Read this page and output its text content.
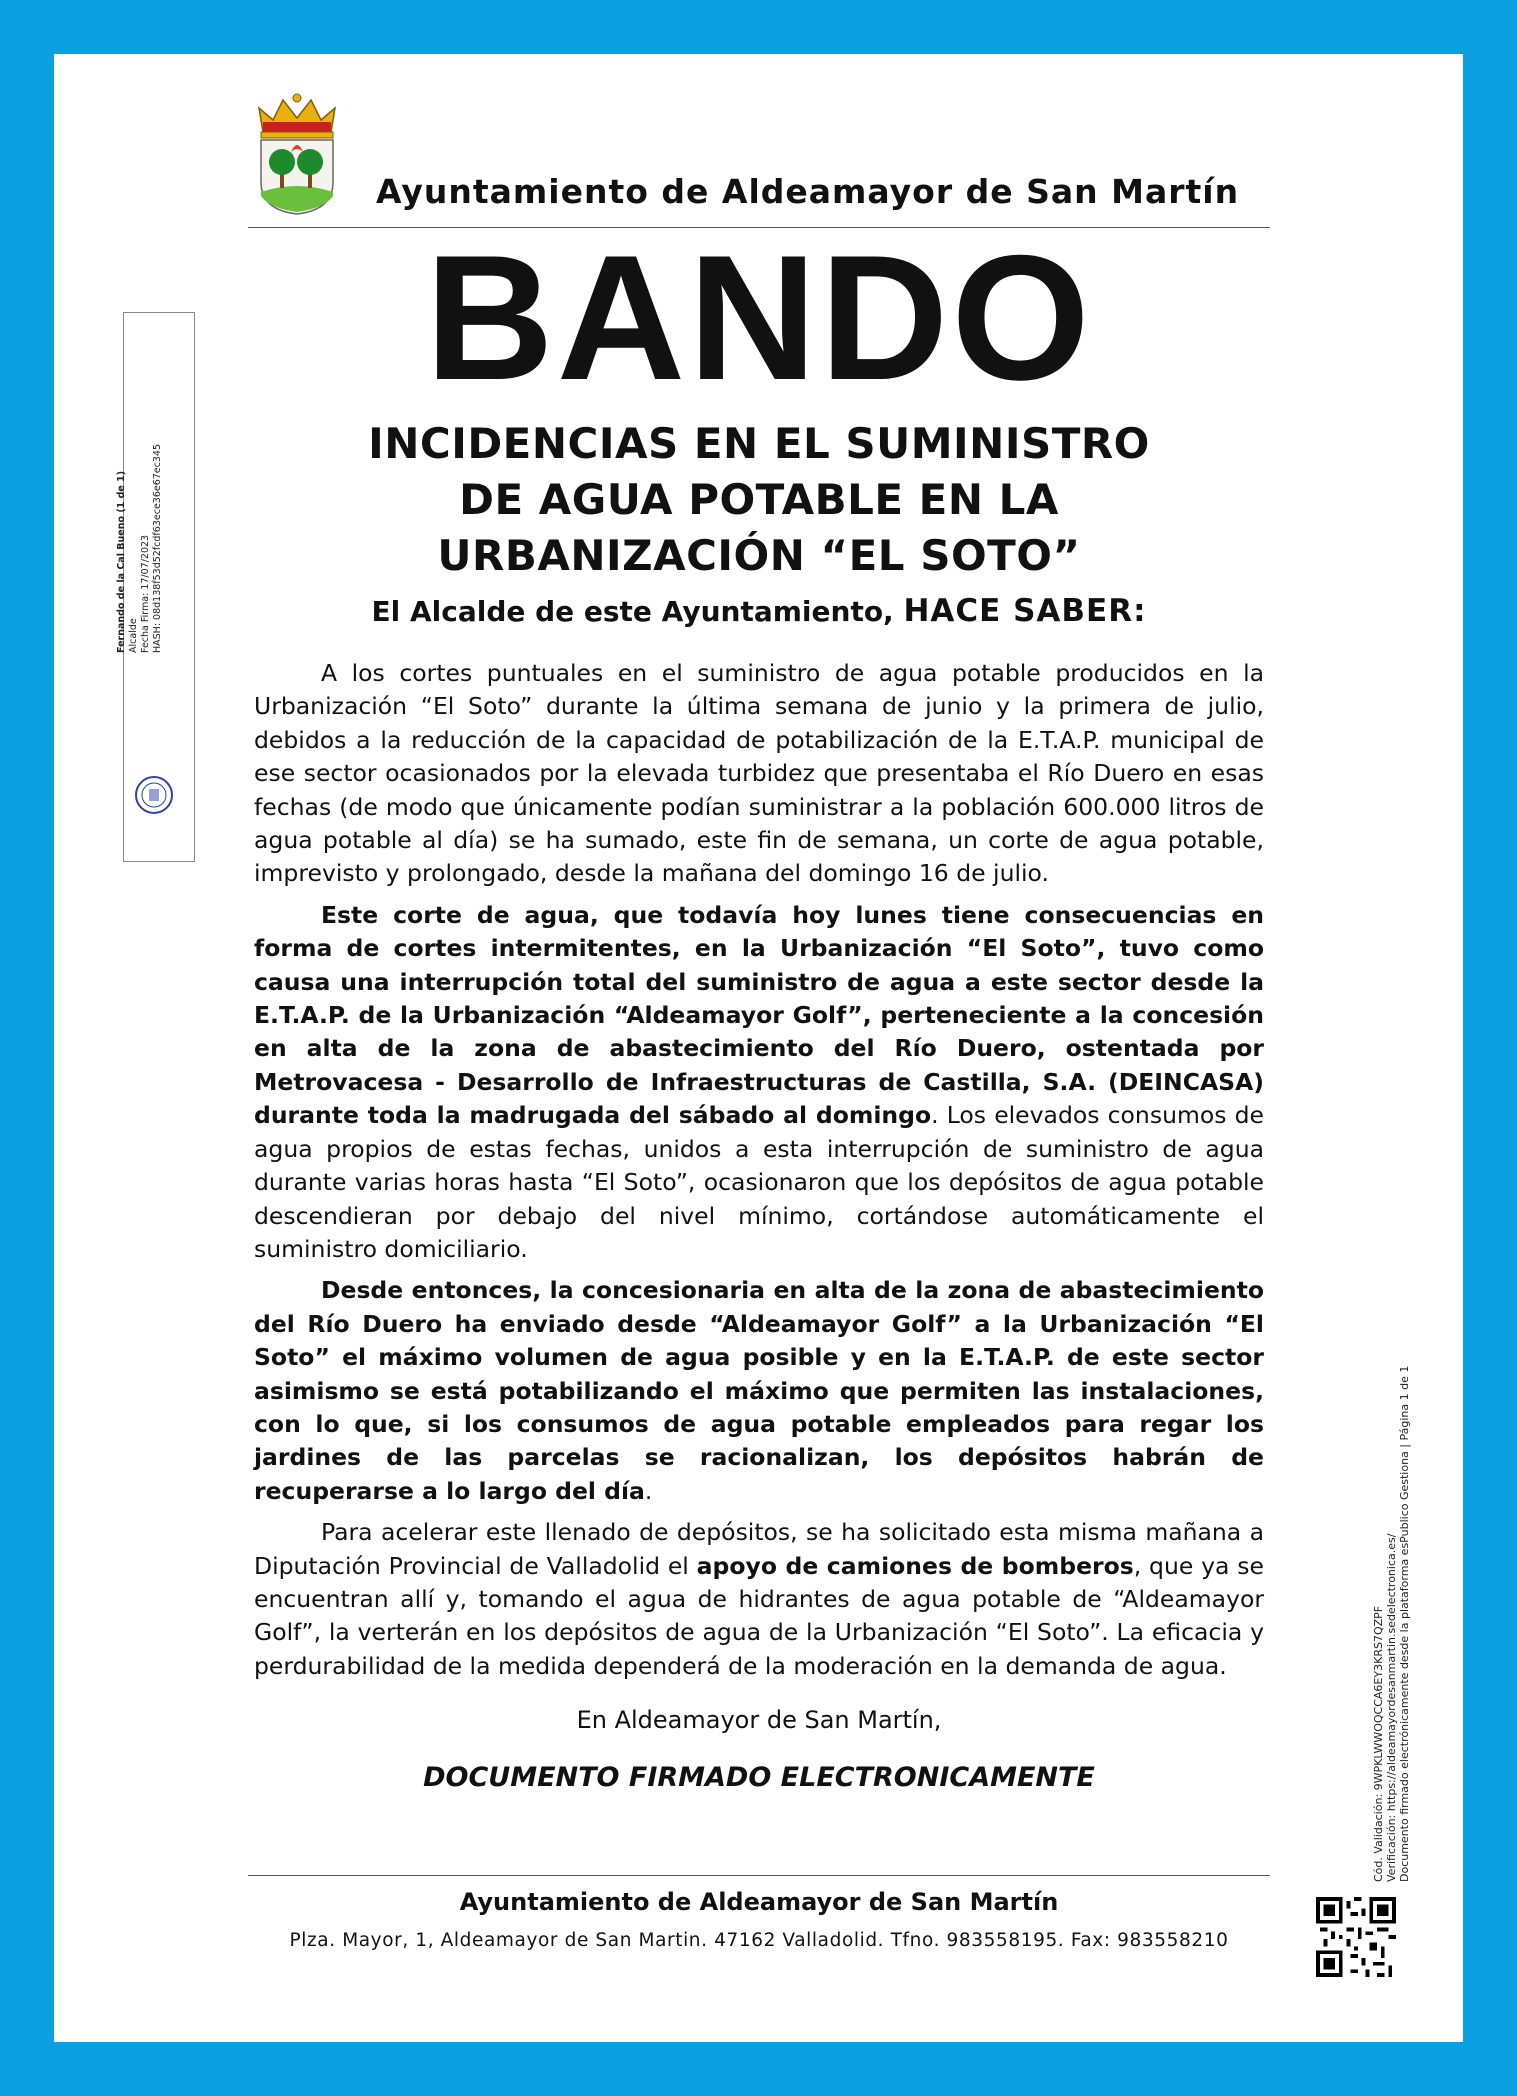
Ayuntamiento de Aldeamayor de San Martín
BANDO
INCIDENCIAS EN EL SUMINISTRO
DE AGUA POTABLE EN LA
URBANIZACIÓN “EL SOTO”
El Alcalde de este Ayuntamiento, HACE SABER:

A los cortes puntuales en el suministro de agua potable producidos en la Urbanización “El Soto” durante la última semana de junio y la primera de julio, debidos a la reducción de la capacidad de potabilización de la E.T.A.P. municipal de ese sector ocasionados por la elevada turbidez que presentaba el Río Duero en esas fechas (de modo que únicamente podían suministrar a la población 600.000 litros de agua potable al día) se ha sumado, este fin de semana, un corte de agua potable, imprevisto y prolongado, desde la mañana del domingo 16 de julio.

Este corte de agua, que todavía hoy lunes tiene consecuencias en forma de cortes intermitentes, en la Urbanización “El Soto”, tuvo como causa una interrupción total del suministro de agua a este sector desde la E.T.A.P. de la Urbanización “Aldeamayor Golf”, perteneciente a la concesión en alta de la zona de abastecimiento del Río Duero, ostentada por Metrovacesa - Desarrollo de Infraestructuras de Castilla, S.A. (DEINCASA) durante toda la madrugada del sábado al domingo. Los elevados consumos de agua propios de estas fechas, unidos a esta interrupción de suministro de agua durante varias horas hasta “El Soto”, ocasionaron que los depósitos de agua potable descendieran por debajo del nivel mínimo, cortándose automáticamente el suministro domiciliario.

Desde entonces, la concesionaria en alta de la zona de abastecimiento del Río Duero ha enviado desde “Aldeamayor Golf” a la Urbanización “El Soto” el máximo volumen de agua posible y en la E.T.A.P. de este sector asimismo se está potabilizando el máximo que permiten las instalaciones, con lo que, si los consumos de agua potable empleados para regar los jardines de las parcelas se racionalizan, los depósitos habrán de recuperarse a lo largo del día.

Para acelerar este llenado de depósitos, se ha solicitado esta misma mañana a Diputación Provincial de Valladolid el apoyo de camiones de bomberos, que ya se encuentran allí y, tomando el agua de hidrantes de agua potable de “Aldeamayor Golf”, la verterán en los depósitos de agua de la Urbanización “El Soto”. La eficacia y perdurabilidad de la medida dependerá de la moderación en la demanda de agua.

En Aldeamayor de San Martín,
DOCUMENTO FIRMADO ELECTRONICAMENTE
Ayuntamiento de Aldeamayor de San Martín
Plza. Mayor, 1, Aldeamayor de San Martin. 47162 Valladolid. Tfno. 983558195. Fax: 983558210
Fernando de la Cal Bueno (1 de 1) Alcalde Fecha Firma: 17/07/2023 HASH: 08d138f53d52fcdf63ece36e67ec345
Cód. Validación: 9WPKLWWOQCCA6EY3KRS7QZPF Verificación: https://aldeamayordesanmartin.sedelectronica.es/ Documento firmado electrónicamente desde la plataforma esPublico Gestiona | Página 1 de 1
